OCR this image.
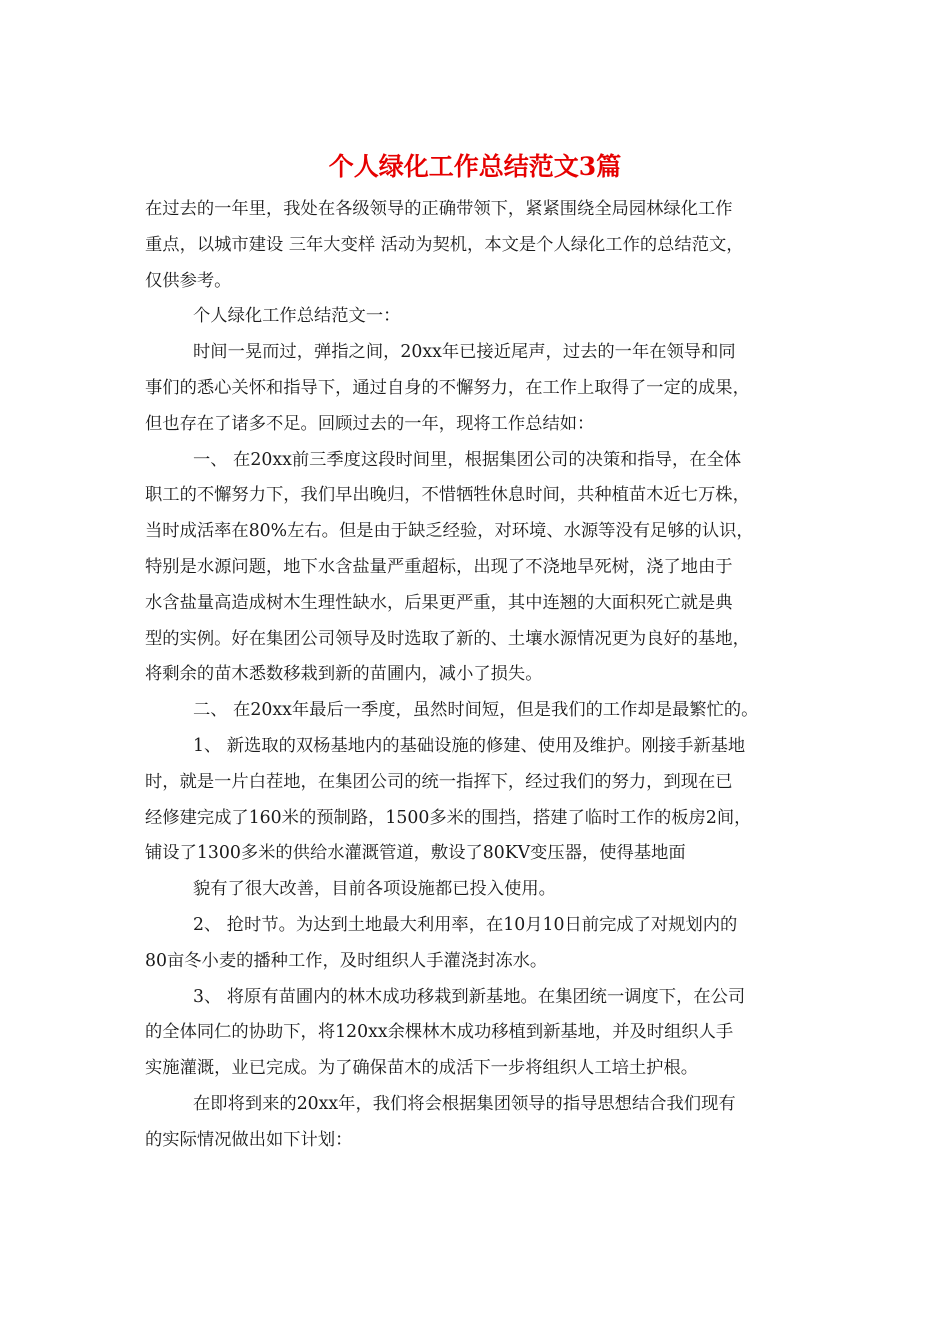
个人绿化工作总结范文3篇
在过去的一年里，我处在各级领导的正确带领下，紧紧围绕全局园林绿化工作
重点，以城市建设 三年大变样 活动为契机，本文是个人绿化工作的总结范文，
仅供参考。
个人绿化工作总结范文一：
时间一晃而过，弹指之间，20xx年已接近尾声，过去的一年在领导和同
事们的悉心关怀和指导下，通过自身的不懈努力，在工作上取得了一定的成果，
但也存在了诸多不足。回顾过去的一年，现将工作总结如：
一、 在20xx前三季度这段时间里，根据集团公司的决策和指导，在全体
职工的不懈努力下，我们早出晚归，不惜牺牲休息时间，共种植苗木近七万株，
当时成活率在80%左右。但是由于缺乏经验，对环境、水源等没有足够的认识，
特别是水源问题，地下水含盐量严重超标，出现了不浇地旱死树，浇了地由于
水含盐量高造成树木生理性缺水，后果更严重，其中连翘的大面积死亡就是典
型的实例。好在集团公司领导及时选取了新的、土壤水源情况更为良好的基地，
将剩余的苗木悉数移栽到新的苗圃内，减小了损失。
二、 在20xx年最后一季度，虽然时间短，但是我们的工作却是最繁忙的。
1、 新选取的双杨基地内的基础设施的修建、使用及维护。刚接手新基地
时，就是一片白茬地，在集团公司的统一指挥下，经过我们的努力，到现在已
经修建完成了160米的预制路，1500多米的围挡，搭建了临时工作的板房2间，
铺设了1300多米的供给水灌溉管道，敷设了80KV变压器，使得基地面
貌有了很大改善，目前各项设施都已投入使用。
2、 抢时节。为达到土地最大利用率，在10月10日前完成了对规划内的
80亩冬小麦的播种工作，及时组织人手灌浇封冻水。
3、 将原有苗圃内的林木成功移栽到新基地。在集团统一调度下，在公司
的全体同仁的协助下，将120xx余棵林木成功移植到新基地，并及时组织人手
实施灌溉，业已完成。为了确保苗木的成活下一步将组织人工培土护根。
在即将到来的20xx年，我们将会根据集团领导的指导思想结合我们现有
的实际情况做出如下计划：
